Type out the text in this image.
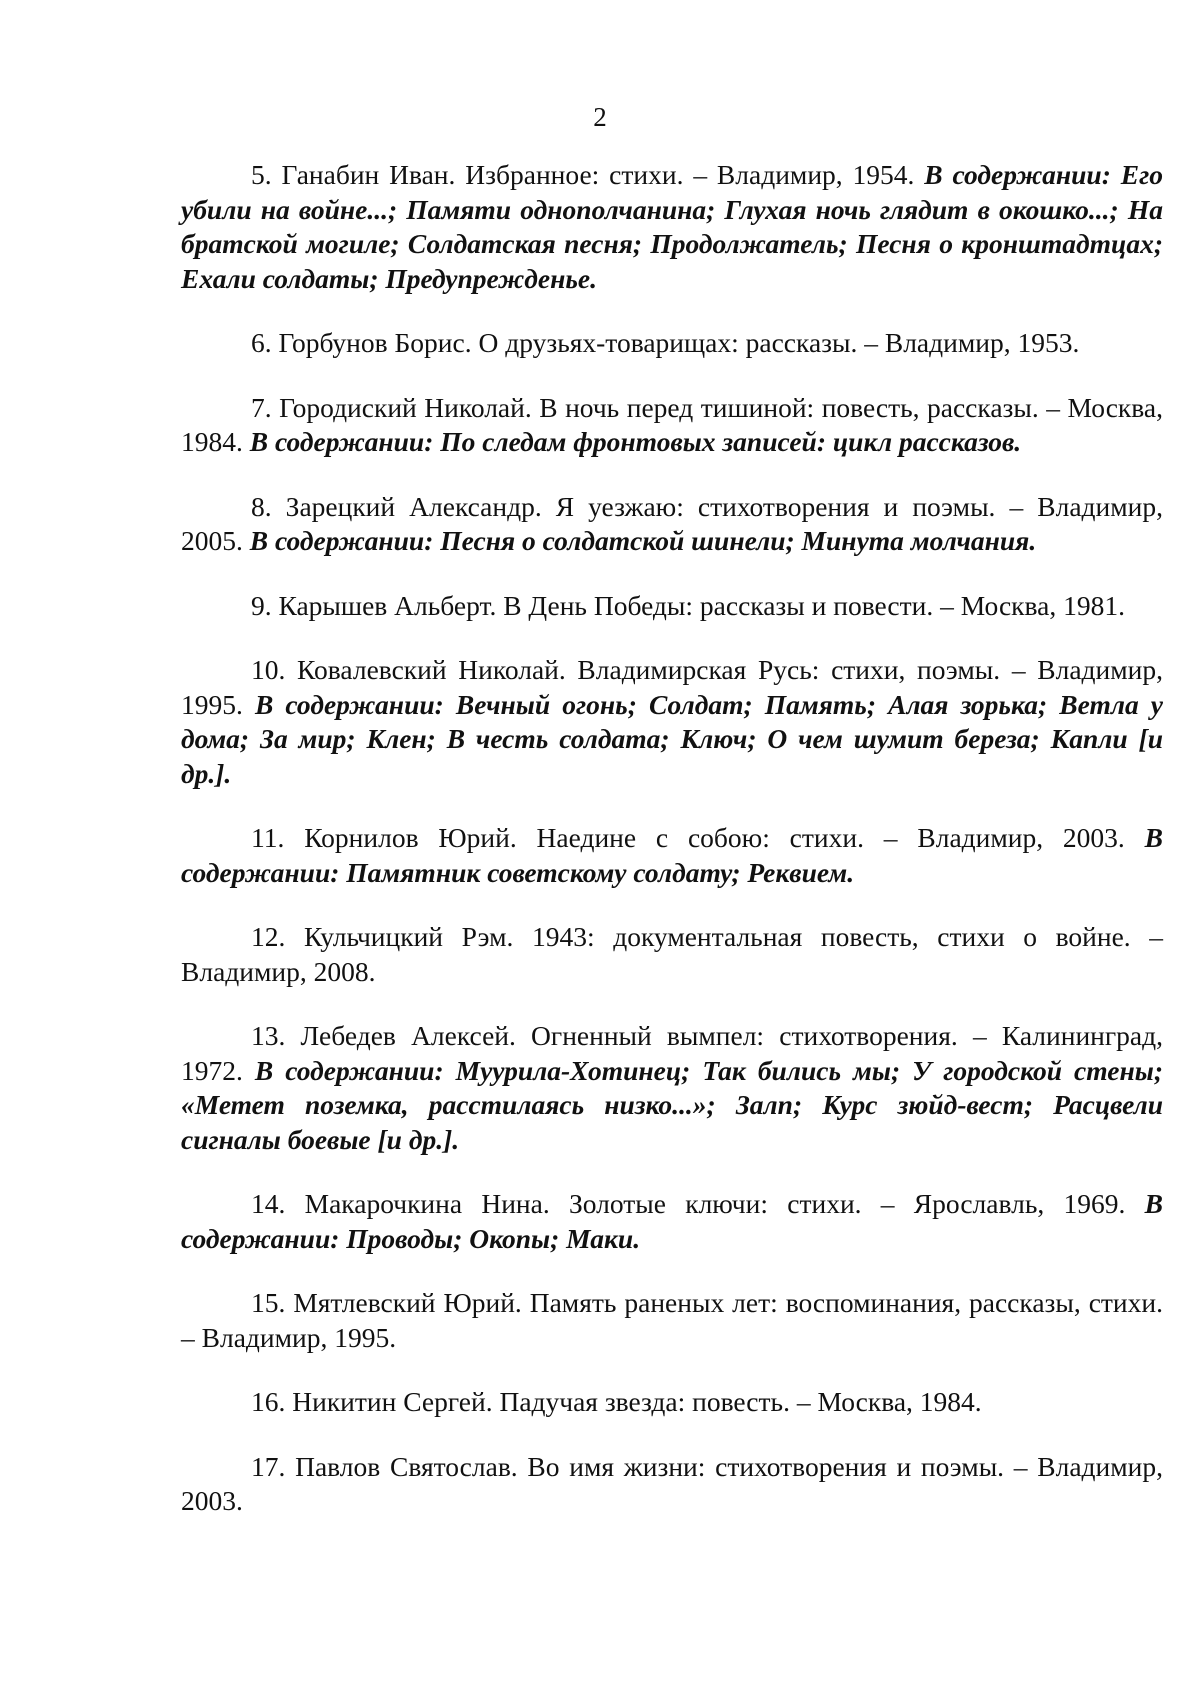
2

5. Ганабин Иван. Избранное: стихи. – Владимир, 1954. В содержании: Его убили на войне...; Памяти однополчанина; Глухая ночь глядит в окошко...; На братской могиле; Солдатская песня; Продолжатель; Песня о кронштадтцах; Ехали солдаты; Предупрежденье.

6. Горбунов Борис. О друзьях-товарищах: рассказы. – Владимир, 1953.

7. Городиский Николай. В ночь перед тишиной: повесть, рассказы. – Москва, 1984. В содержании: По следам фронтовых записей: цикл рассказов.

8. Зарецкий Александр. Я уезжаю: стихотворения и поэмы. – Владимир, 2005. В содержании: Песня о солдатской шинели; Минута молчания.

9. Карышев Альберт. В День Победы: рассказы и повести. – Москва, 1981.

10. Ковалевский Николай. Владимирская Русь: стихи, поэмы. – Владимир, 1995. В содержании: Вечный огонь; Солдат; Память; Алая зорька; Ветла у дома; За мир; Клен; В честь солдата; Ключ; О чем шумит береза; Капли [и др.].

11. Корнилов Юрий. Наедине с собою: стихи. – Владимир, 2003. В содержании: Памятник советскому солдату; Реквием.

12. Кульчицкий Рэм. 1943: документальная повесть, стихи о войне. – Владимир, 2008.

13. Лебедев Алексей. Огненный вымпел: стихотворения. – Калининград, 1972. В содержании: Муурила-Хотинец; Так бились мы; У городской стены; «Метет поземка, расстилаясь низко...»; Залп; Курс зюйд-вест; Расцвели сигналы боевые [и др.].

14. Макарочкина Нина. Золотые ключи: стихи. – Ярославль, 1969. В содержании: Проводы; Окопы; Маки.

15. Мятлевский Юрий. Память раненых лет: воспоминания, рассказы, стихи. – Владимир, 1995.

16. Никитин Сергей. Падучая звезда: повесть. – Москва, 1984.

17. Павлов Святослав. Во имя жизни: стихотворения и поэмы. – Владимир, 2003.
